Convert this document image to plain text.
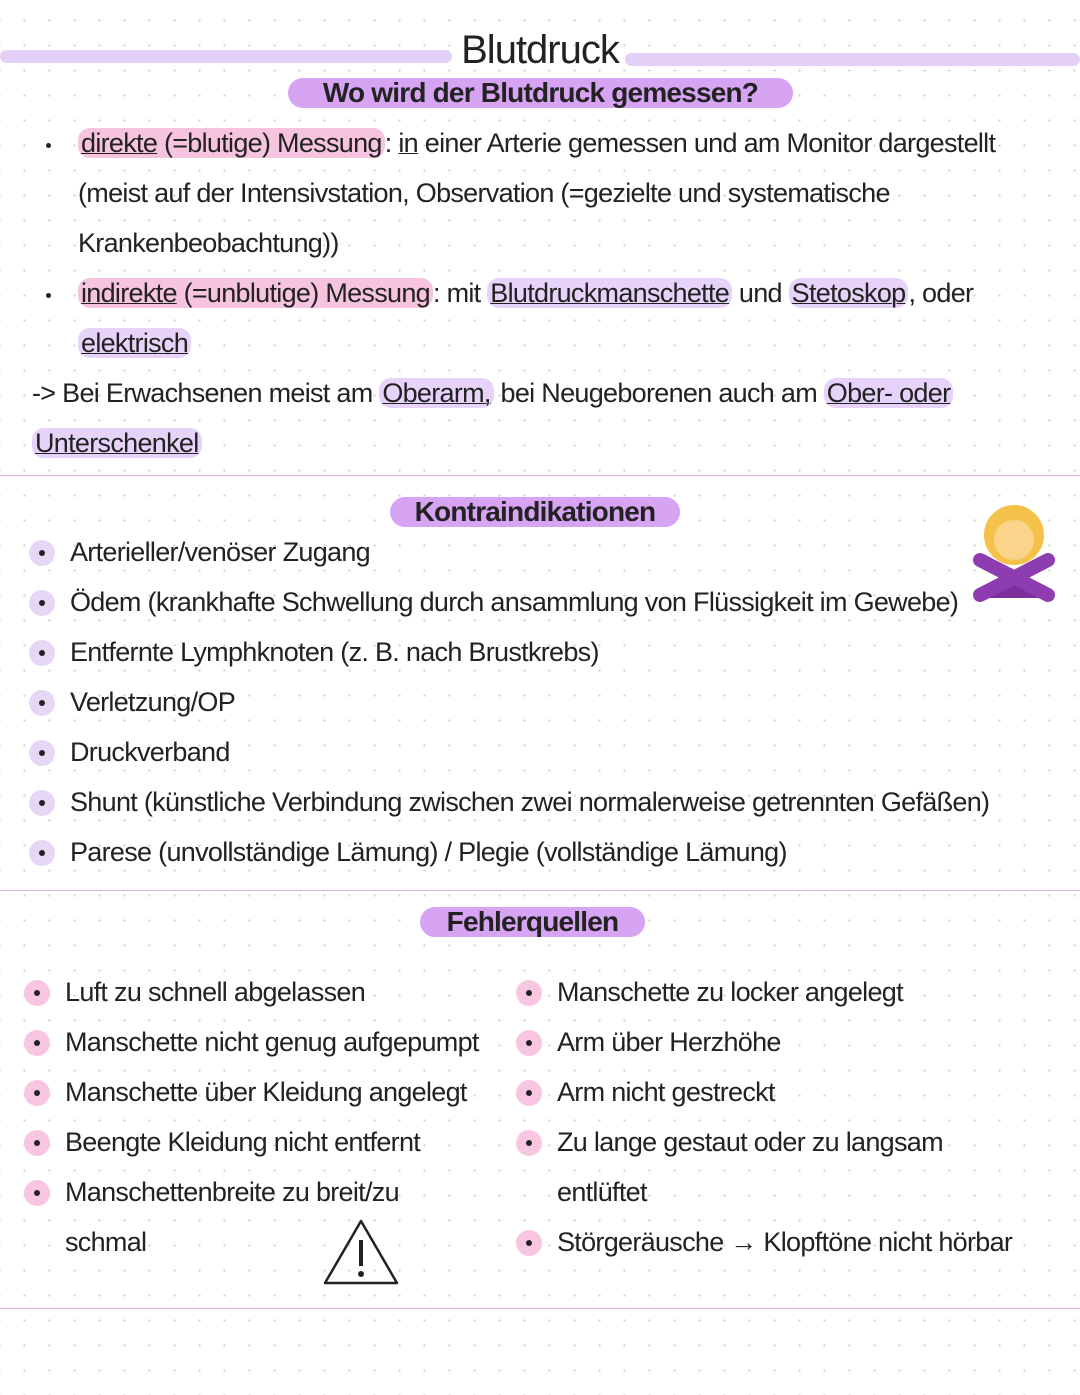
Blutdruck
Wo wird der Blutdruck gemessen?
direkte (=blutige) Messung : in einer Arterie gemessen und am Monitor dargestellt
(meist auf der Intensivstation, Observation (=gezielte und systematische
Krankenbeobachtung))
indirekte (=unblutige) Messung : mit Blutdruckmanschette und Stetoskop , oder
elektrisch
-> Bei Erwachsenen meist am Oberarm, bei Neugeborenen auch am Ober- oder
Unterschenkel
Kontraindikationen
Arterieller/venöser Zugang
Ödem (krankhafte Schwellung durch ansammlung von Flüssigkeit im Gewebe)
Entfernte Lymphknoten (z. B. nach Brustkrebs)
Verletzung/OP
Druckverband
Shunt (künstliche Verbindung zwischen zwei normalerweise getrennten Gefäßen)
Parese (unvollständige Lämung) / Plegie (vollständige Lämung)
Fehlerquellen
Luft zu schnell abgelassen
Manschette nicht genug aufgepumpt
Manschette über Kleidung angelegt
Beengte Kleidung nicht entfernt
Manschettenbreite zu breit/zu
schmal
Manschette zu locker angelegt
Arm über Herzhöhe
Arm nicht gestreckt
Zu lange gestaut oder zu langsam
entlüftet
Störgeräusche → Klopftöne nicht hörbar
